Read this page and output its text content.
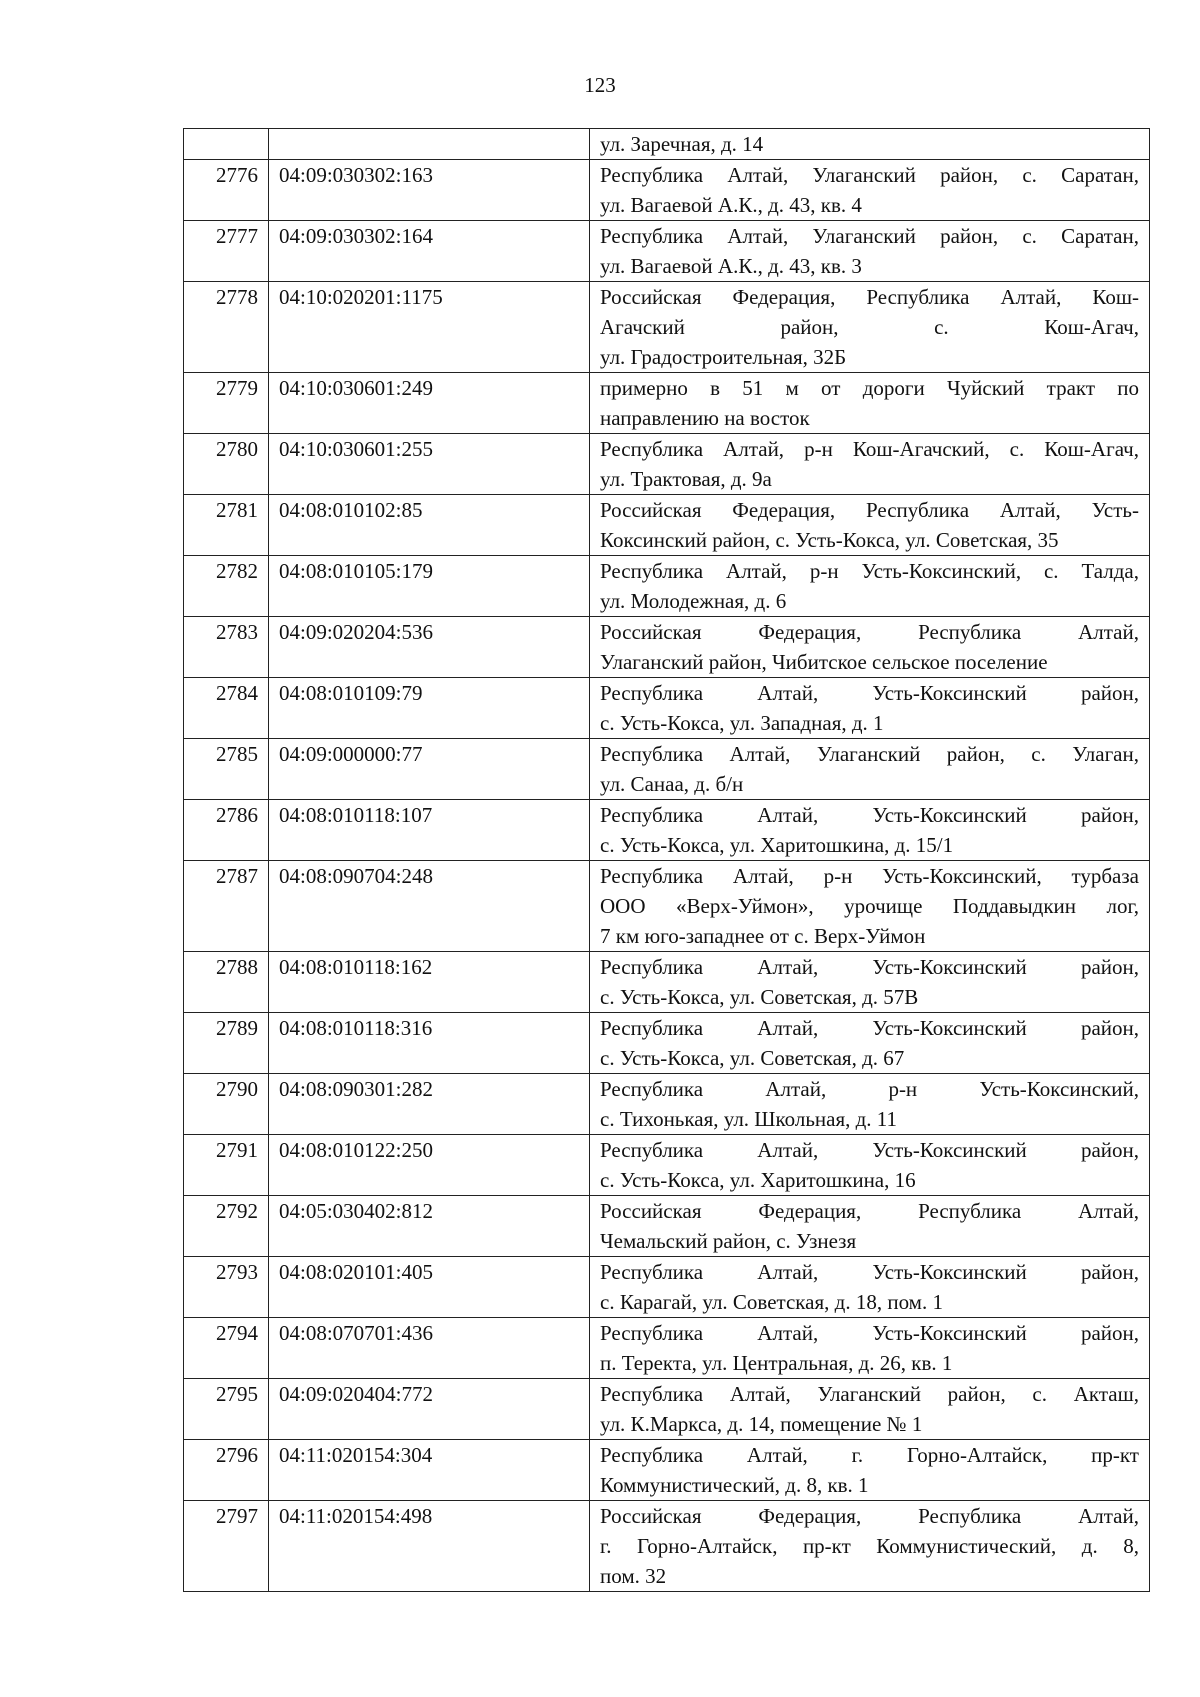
123

		ул. Заречная, д. 14

2776	04:09:030302:163	Республика Алтай, Улаганский район, с. Саратан,
ул. Вагаевой А.К., д. 43, кв. 4

2777	04:09:030302:164	Республика Алтай, Улаганский район, с. Саратан,
ул. Вагаевой А.К., д. 43, кв. 3

2778	04:10:020201:1175	Российская Федерация, Республика Алтай, Кош-
Агачский район, с. Кош-Агач,
ул. Градостроительная, 32Б

2779	04:10:030601:249	примерно в 51 м от дороги Чуйский тракт по
направлению на восток

2780	04:10:030601:255	Республика Алтай, р-н Кош-Агачский, с. Кош-Агач,
ул. Трактовая, д. 9а

2781	04:08:010102:85	Российская Федерация, Республика Алтай, Усть-
Коксинский район, с. Усть-Кокса, ул. Советская, 35

2782	04:08:010105:179	Республика Алтай, р-н Усть-Коксинский, с. Талда,
ул. Молодежная, д. 6

2783	04:09:020204:536	Российская Федерация, Республика Алтай,
Улаганский район, Чибитское сельское поселение

2784	04:08:010109:79	Республика Алтай, Усть-Коксинский район,
с. Усть-Кокса, ул. Западная, д. 1

2785	04:09:000000:77	Республика Алтай, Улаганский район, с. Улаган,
ул. Санаа, д. б/н

2786	04:08:010118:107	Республика Алтай, Усть-Коксинский район,
с. Усть-Кокса, ул. Харитошкина, д. 15/1

2787	04:08:090704:248	Республика Алтай, р-н Усть-Коксинский, турбаза
ООО «Верх-Уймон», урочище Поддавыдкин лог,
7 км юго-западнее от с. Верх-Уймон

2788	04:08:010118:162	Республика Алтай, Усть-Коксинский район,
с. Усть-Кокса, ул. Советская, д. 57В

2789	04:08:010118:316	Республика Алтай, Усть-Коксинский район,
с. Усть-Кокса, ул. Советская, д. 67

2790	04:08:090301:282	Республика Алтай, р-н Усть-Коксинский,
с. Тихонькая, ул. Школьная, д. 11

2791	04:08:010122:250	Республика Алтай, Усть-Коксинский район,
с. Усть-Кокса, ул. Харитошкина, 16

2792	04:05:030402:812	Российская Федерация, Республика Алтай,
Чемальский район, с. Узнезя

2793	04:08:020101:405	Республика Алтай, Усть-Коксинский район,
с. Карагай, ул. Советская, д. 18, пом. 1

2794	04:08:070701:436	Республика Алтай, Усть-Коксинский район,
п. Теректа, ул. Центральная, д. 26, кв. 1

2795	04:09:020404:772	Республика Алтай, Улаганский район, с. Акташ,
ул. К.Маркса, д. 14, помещение № 1

2796	04:11:020154:304	Республика Алтай, г. Горно-Алтайск, пр-кт
Коммунистический, д. 8, кв. 1

2797	04:11:020154:498	Российская Федерация, Республика Алтай,
г. Горно-Алтайск, пр-кт Коммунистический, д. 8,
пом. 32
